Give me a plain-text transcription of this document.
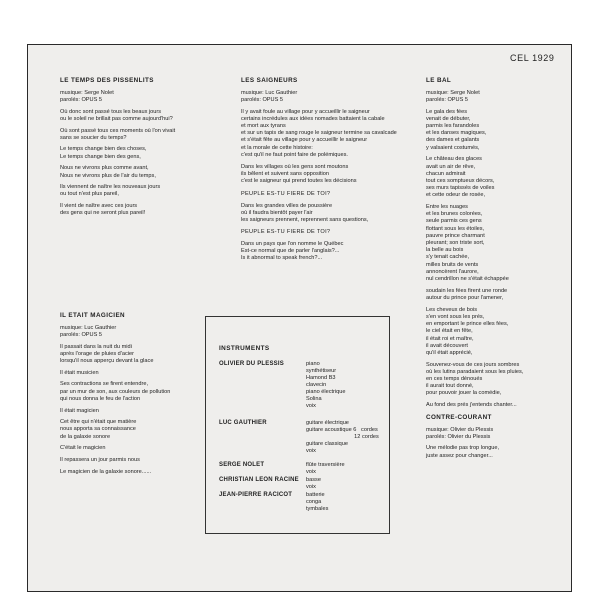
CEL 1929
LE TEMPS DES PISSENLITS
musique: Serge Nolet
parolés: OPUS 5
Où donc sont passé tous les beaux jours
ou le soleil ne brillait pas comme aujourd'hui?
Où sont passé tous ces moments où l'on vivait
sans se soucier du temps?
Le temps change bien des choses,
Le temps change bien des gens,
Nous ne vivrons plus comme avant,
Nous ne vivrons plus de l'air du temps,
Ils viennent de naître les nouveaux jours
ou tout n'est plus pareil,
Il vient de naître avec ces jours
des gens qui ne seront plus pareil!
IL ETAIT MAGICIEN
musique: Luc Gauthier
parolés: OPUS 5
Il passait dans la nuit du midi
après l'orage de pluies d'acier
lorsqu'il nous apperçu devant la glace
Il était musicien
Ses contractions se firent entendre,
par un mur de son, aux couleurs de pollution
qui nous donna le feu de l'action
Il était magicien
Cet être qui n'était que matière
nous apporta sa connaissance
de la galaxie sonore
C'était le magicien
Il repassera un jour parmis nous
Le magicien de la galaxie sonore......
LES SAIGNEURS
musique: Luc Gauthier
parolés: OPUS 5
Il y avait foule au village pour y accueillir le saigneur
certains incrédules aux idées nomades battaient la cabale
et mort aux tyrans
et sur un tapis de sang rouge le saigneur termine sa cavalcade
et s'était fête au village pour y accueillir le saigneur
et la morale de cette histoire:
c'est qu'il ne faut point faire de polémiques.
Dans les villages où les gens sont moutons
ils bêlent et suivent sans opposition
c'est le saigneur qui prend toutes les décisions
PEUPLE ES-TU FIERE DE TOI?
Dans les grandes villes de poussière
où il faudra bientôt payer l'air
les saigneurs prennent, reprennent sans questions,
PEUPLE ES-TU FIERE DE TOI?
Dans un pays que l'on nomme le Québec
Est-ce normal que de parler l'anglais?...
Is it abnormal to speak french?...
LE BAL
musique: Serge Nolet
parolés: OPUS 5
Le gala des fées
venait de débuter,
parmis les farandoles
et les danses magiques,
des dames et galants
y valsaient costumés,
Le château des glaces
avait un air de rêve,
chacun admirait
tout ces somptueux décors,
ses murs tapissés de voiles
et cette odeur de rosée,
Entre les nuages
et les brunes colorées,
seule parmis ces gens
flottant sous les étoiles,
pauvre prince charmant
pleurant; son triste sort,
la belle au bois
s'y tenait cachée,
milles bruits de vents
annoncèrent l'aurore,
nul cendrillon ne s'était échappée
soudain les fées firent une ronde
autour du prince pour l'amener,
Les cheveux de bois
s'en vont sous les prés,
en emportant le prince elles fées,
le ciel était en fête,
il était roi et maître,
il avait découvert
qu'il était apprécié,
Souvenez-vous de ces jours sombres
où les lutins paradaient sous les pluies,
en ces temps dénoués
il aurait tout donné,
pour pouvoir jouer la comédie,
Au fond des prés j'entends chanter...
CONTRE-COURANT
musique: Olivier du Plessis
parolés: Olivier du Plessis
Une mélodie pas trop longue,
juste assez pour changer...
INSTRUMENTS
OLIVIER DU PLESSIS	piano
synthétiseur
Hamond B3
clavecin
piano électrique
Solina
voix
LUC GAUTHIER	guitare électrique
guitare acoustique 6   cordes
12 cordes
guitare classique
voix
SERGE NOLET	flûte traversière
voix
CHRISTIAN LEON RACINE basse
voix
JEAN-PIERRE RACICOT batterie
conga
tymbales
